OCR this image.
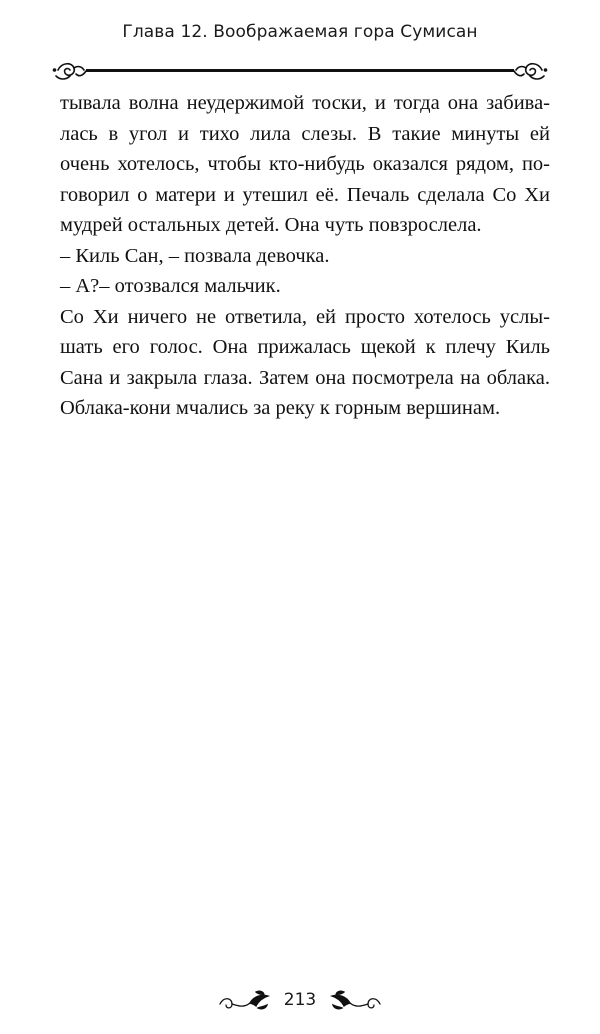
Глава 12. Воображаемая гора Сумисан
тывала волна неудержимой тоски, и тогда она забива-
лась в угол и тихо лила слезы. В такие минуты ей
очень хотелось, чтобы кто-нибудь оказался рядом, по-
говорил о матери и утешил её. Печаль сделала Со Хи
мудрей остальных детей. Она чуть повзрослела.
– Киль Сан, – позвала девочка.
– А?– отозвался мальчик.
Со Хи ничего не ответила, ей просто хотелось услы-
шать его голос. Она прижалась щекой к плечу Киль
Сана и закрыла глаза. Затем она посмотрела на облака.
Облака-кони мчались за реку к горным вершинам.
213
